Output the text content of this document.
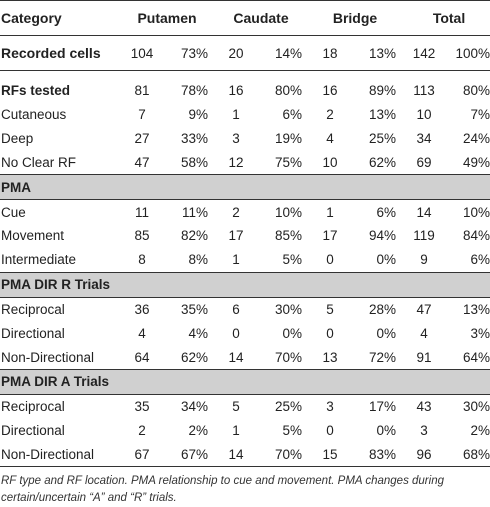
Category	Putamen		Caudate		Bridge		Total	
Recorded cells	104	73%	20	14%	18	13%	142	100%

RFs tested	81	78%	16	80%	16	89%	113	80%
Cutaneous	7	9%	1	6%	2	13%	10	7%
Deep	27	33%	3	19%	4	25%	34	24%
No Clear RF	47	58%	12	75%	10	62%	69	49%
PMA								
Cue	11	11%	2	10%	1	6%	14	10%
Movement	85	82%	17	85%	17	94%	119	84%
Intermediate	8	8%	1	5%	0	0%	9	6%
PMA DIR R Trials								
Reciprocal	36	35%	6	30%	5	28%	47	13%
Directional	4	4%	0	0%	0	0%	4	3%
Non-Directional	64	62%	14	70%	13	72%	91	64%
PMA DIR A Trials								
Reciprocal	35	34%	5	25%	3	17%	43	30%
Directional	2	2%	1	5%	0	0%	3	2%
Non-Directional	67	67%	14	70%	15	83%	96	68%
RF type and RF location. PMA relationship to cue and movement. PMA changes during certain/uncertain “A” and “R” trials.
